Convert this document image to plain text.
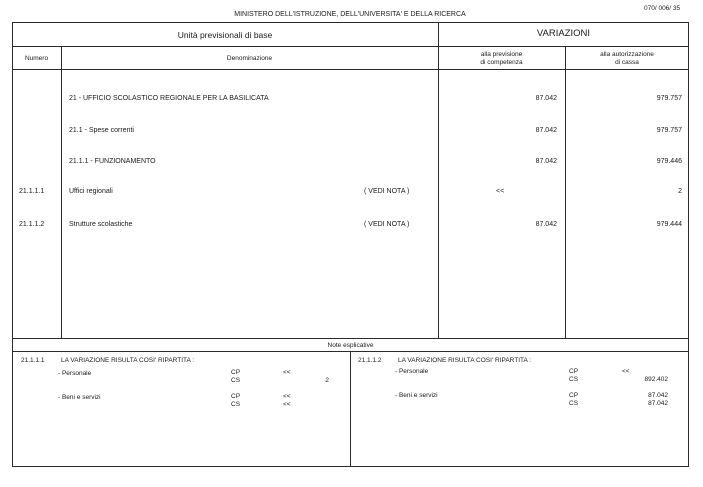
MINISTERO DELL'ISTRUZIONE, DELL'UNIVERSITA' E DELLA RICERCA
070/ 006/ 35
Unità previsionali di base	VARIAZIONI
Numero	Denominazione
alla previsione
di competenza
alla autorizzazione
di cassa
21 - UFFICIO SCOLASTICO REGIONALE PER LA BASILICATA	87.042	979.757
21.1 - Spese correnti	87.042	979.757
21.1.1 - FUNZIONAMENTO	87.042	979.446
21.1.1.1	Uffici regionali	( VEDI NOTA )	<<	2
21.1.1.2	Strutture scolastiche	( VEDI NOTA )	87.042	979.444
Note esplicative
21.1.1.1	LA VARIAZIONE RISULTA COSI' RIPARTITA :
- Personale	CP	<<
CS	2
- Beni e servizi	CP	<<
CS	<<
21.1.1.2	LA VARIAZIONE RISULTA COSI' RIPARTITA :
- Personale	CP	<<
CS	892.402
- Beni e servizi	CP	87.042
CS	87.042
